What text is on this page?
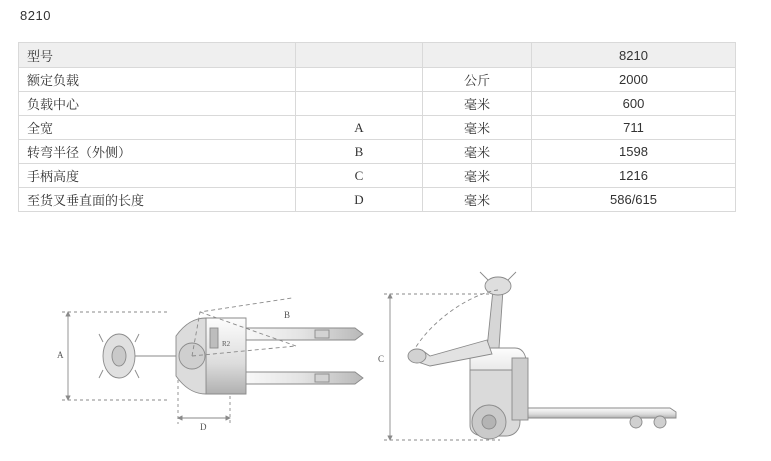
8210
型号			8210
额定负载		公斤	2000
负载中心		毫米	600
全宽	A	毫米	711
转弯半径（外侧）	B	毫米	1598
手柄高度	C	毫米	1216
至货叉垂直面的长度	D	毫米	586/615
R2
B
A
D
C
